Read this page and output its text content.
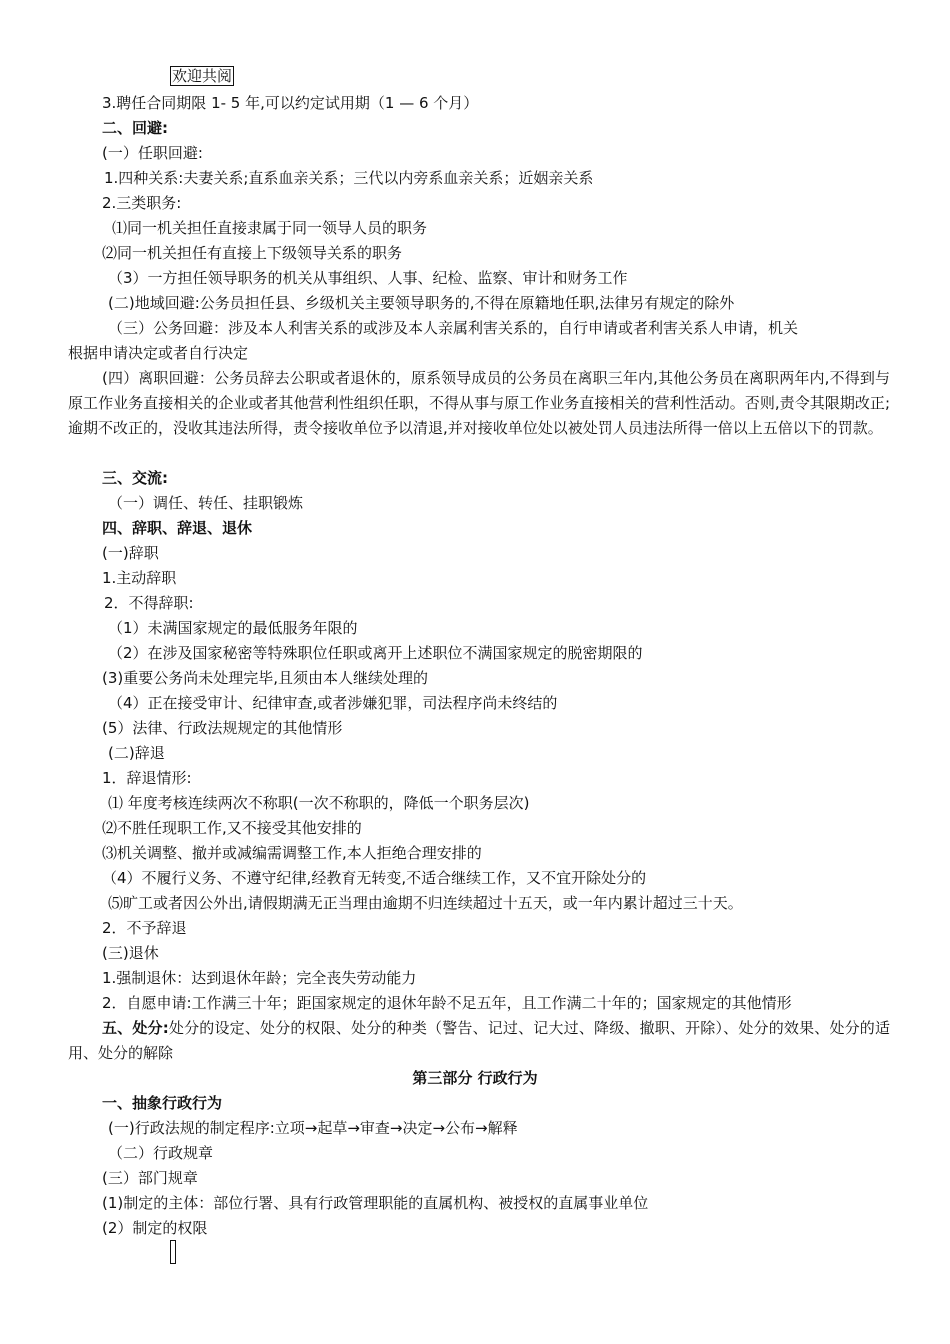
欢迎共阅
3.聘任合同期限 1- 5 年,可以约定试用期（1 — 6 个月）
二、回避:
(一）任职回避:
1.四种关系:夫妻关系;直系血亲关系；三代以内旁系血亲关系；近姻亲关系
2.三类职务:
⑴同一机关担任直接隶属于同一领导人员的职务
⑵同一机关担任有直接上下级领导关系的职务
（3）一方担任领导职务的机关从事组织、人事、纪检、监察、审计和财务工作
(二)地域回避:公务员担任县、乡级机关主要领导职务的,不得在原籍地任职,法律另有规定的除外
（三）公务回避：涉及本人利害关系的或涉及本人亲属利害关系的，自行申请或者利害关系人申请，机关
根据申请决定或者自行决定
(四）离职回避：公务员辞去公职或者退休的，原系领导成员的公务员在离职三年内,其他公务员在离职两年内,不得到与原工作业务直接相关的企业或者其他营利性组织任职，不得从事与原工作业务直接相关的营利性活动。否则,责令其限期改正;逾期不改正的，没收其违法所得，责令接收单位予以清退,并对接收单位处以被处罚人员违法所得一倍以上五倍以下的罚款。
三、交流:
（一）调任、转任、挂职锻炼
四、辞职、辞退、退休
(一)辞职
1.主动辞职
2．不得辞职:
（1）未满国家规定的最低服务年限的
（2）在涉及国家秘密等特殊职位任职或离开上述职位不满国家规定的脱密期限的
(3)重要公务尚未处理完毕,且须由本人继续处理的
（4）正在接受审计、纪律审查,或者涉嫌犯罪，司法程序尚未终结的
(5）法律、行政法规规定的其他情形
(二)辞退
1．辞退情形:
⑴ 年度考核连续两次不称职(一次不称职的，降低一个职务层次)
⑵不胜任现职工作,又不接受其他安排的
⑶机关调整、撤并或减编需调整工作,本人拒绝合理安排的
（4）不履行义务、不遵守纪律,经教育无转变,不适合继续工作，又不宜开除处分的
⑸旷工或者因公外出,请假期满无正当理由逾期不归连续超过十五天，或一年内累计超过三十天。
2．不予辞退
(三)退休
1.强制退休：达到退休年龄；完全丧失劳动能力
2．自愿申请:工作满三十年；距国家规定的退休年龄不足五年，且工作满二十年的；国家规定的其他情形
五、处分:处分的设定、处分的权限、处分的种类（警告、记过、记大过、降级、撤职、开除）、处分的效果、处分的适用、处分的解除
第三部分 行政行为
一、抽象行政行为
(一)行政法规的制定程序:立项→起草→审查→决定→公布→解释
（二）行政规章
(三）部门规章
(1)制定的主体：部位行署、具有行政管理职能的直属机构、被授权的直属事业单位
(2）制定的权限
